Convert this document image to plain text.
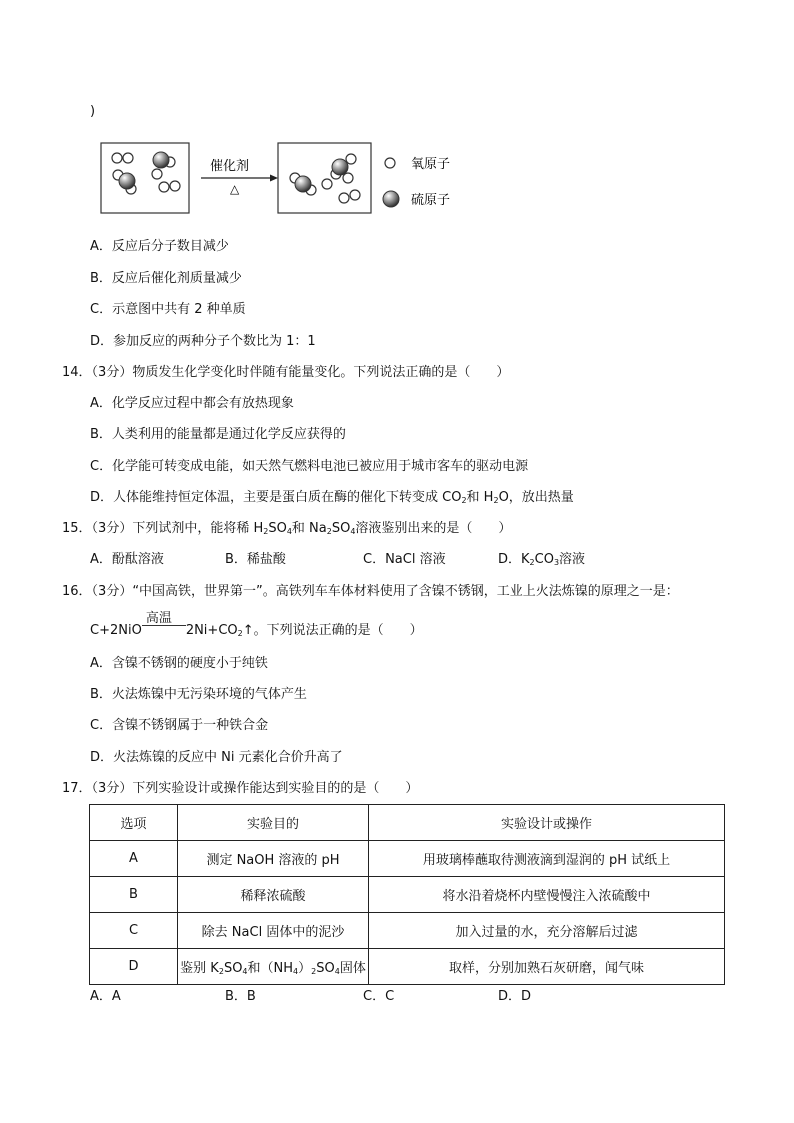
)
催化剂
△
氧原子
硫原子
A．反应后分子数目减少
B．反应后催化剂质量减少
C．示意图中共有 2 种单质
D．参加反应的两种分子个数比为 1：1
14．（3分）物质发生化学变化时伴随有能量变化。下列说法正确的是（　　）
A．化学反应过程中都会有放热现象
B．人类利用的能量都是通过化学反应获得的
C．化学能可转变成电能，如天然气燃料电池已被应用于城市客车的驱动电源
D．人体能维持恒定体温，主要是蛋白质在酶的催化下转变成 $CO_2$和 $H_2O$，放出热量
15．（3分）下列试剂中，能将稀 $H_2SO_4$和 $Na_2SO_4$溶液鉴别出来的是（　　）
A．酚酞溶液	B．稀盐酸	C．NaCl 溶液	D．$K_2CO_3$溶液
16．（3分）“中国高铁，世界第一”。高铁列车车体材料使用了含镍不锈钢，工业上火法炼镍的原理之一是：
C+2NiO
高温
$2Ni+CO_2↑$。下列说法正确的是（　　）
A．含镍不锈钢的硬度小于纯铁
B．火法炼镍中无污染环境的气体产生
C．含镍不锈钢属于一种铁合金
D．火法炼镍的反应中 Ni 元素化合价升高了
17．（3分）下列实验设计或操作能达到实验目的的是（　　）
选项	实验目的	实验设计或操作
A	测定 NaOH 溶液的 pH	用玻璃棒蘸取待测液滴到湿润的 pH 试纸上
B	稀释浓硫酸	将水沿着烧杯内壁慢慢注入浓硫酸中
C	除去 NaCl 固体中的泥沙	加入过量的水，充分溶解后过滤
D	鉴别 $K_2SO_4$和$(NH_4)_2SO_4$固体	取样，分别加熟石灰研磨，闻气味
A．A	B．B	C．C	D．D
